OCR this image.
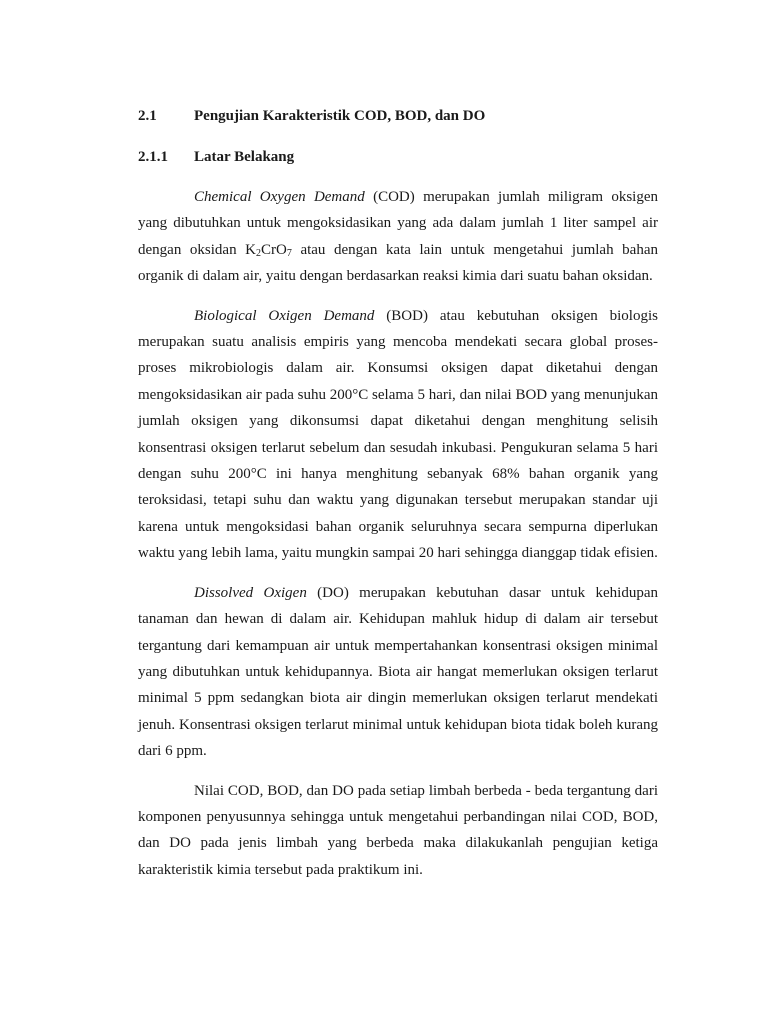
2.1	Pengujian Karakteristik COD, BOD, dan DO
2.1.1	Latar Belakang

Chemical Oxygen Demand (COD) merupakan jumlah miligram oksigen yang dibutuhkan untuk mengoksidasikan yang ada dalam jumlah 1 liter sampel air dengan oksidan $K_2CrO_7$ atau dengan kata lain untuk mengetahui jumlah bahan organik di dalam air, yaitu dengan berdasarkan reaksi kimia dari suatu bahan oksidan.

Biological Oxigen Demand (BOD) atau kebutuhan oksigen biologis merupakan suatu analisis empiris yang mencoba mendekati secara global proses-proses mikrobiologis dalam air. Konsumsi oksigen dapat diketahui dengan mengoksidasikan air pada suhu 200°C selama 5 hari, dan nilai BOD yang menunjukan jumlah oksigen yang dikonsumsi dapat diketahui dengan menghitung selisih konsentrasi oksigen terlarut sebelum dan sesudah inkubasi. Pengukuran selama 5 hari dengan suhu 200°C ini hanya menghitung sebanyak 68% bahan organik yang teroksidasi, tetapi suhu dan waktu yang digunakan tersebut merupakan standar uji karena untuk mengoksidasi bahan organik seluruhnya secara sempurna diperlukan waktu yang lebih lama, yaitu mungkin sampai 20 hari sehingga dianggap tidak efisien.

Dissolved Oxigen (DO) merupakan kebutuhan dasar untuk kehidupan tanaman dan hewan di dalam air. Kehidupan mahluk hidup di dalam air tersebut tergantung dari kemampuan air untuk mempertahankan konsentrasi oksigen minimal yang dibutuhkan untuk kehidupannya. Biota air hangat memerlukan oksigen terlarut minimal 5 ppm sedangkan biota air dingin memerlukan oksigen terlarut mendekati jenuh. Konsentrasi oksigen terlarut minimal untuk kehidupan biota tidak boleh kurang dari 6 ppm.

Nilai COD, BOD, dan DO pada setiap limbah berbeda - beda tergantung dari komponen penyusunnya sehingga untuk mengetahui perbandingan nilai COD, BOD, dan DO pada jenis limbah yang berbeda maka dilakukanlah pengujian ketiga karakteristik kimia tersebut pada praktikum ini.
